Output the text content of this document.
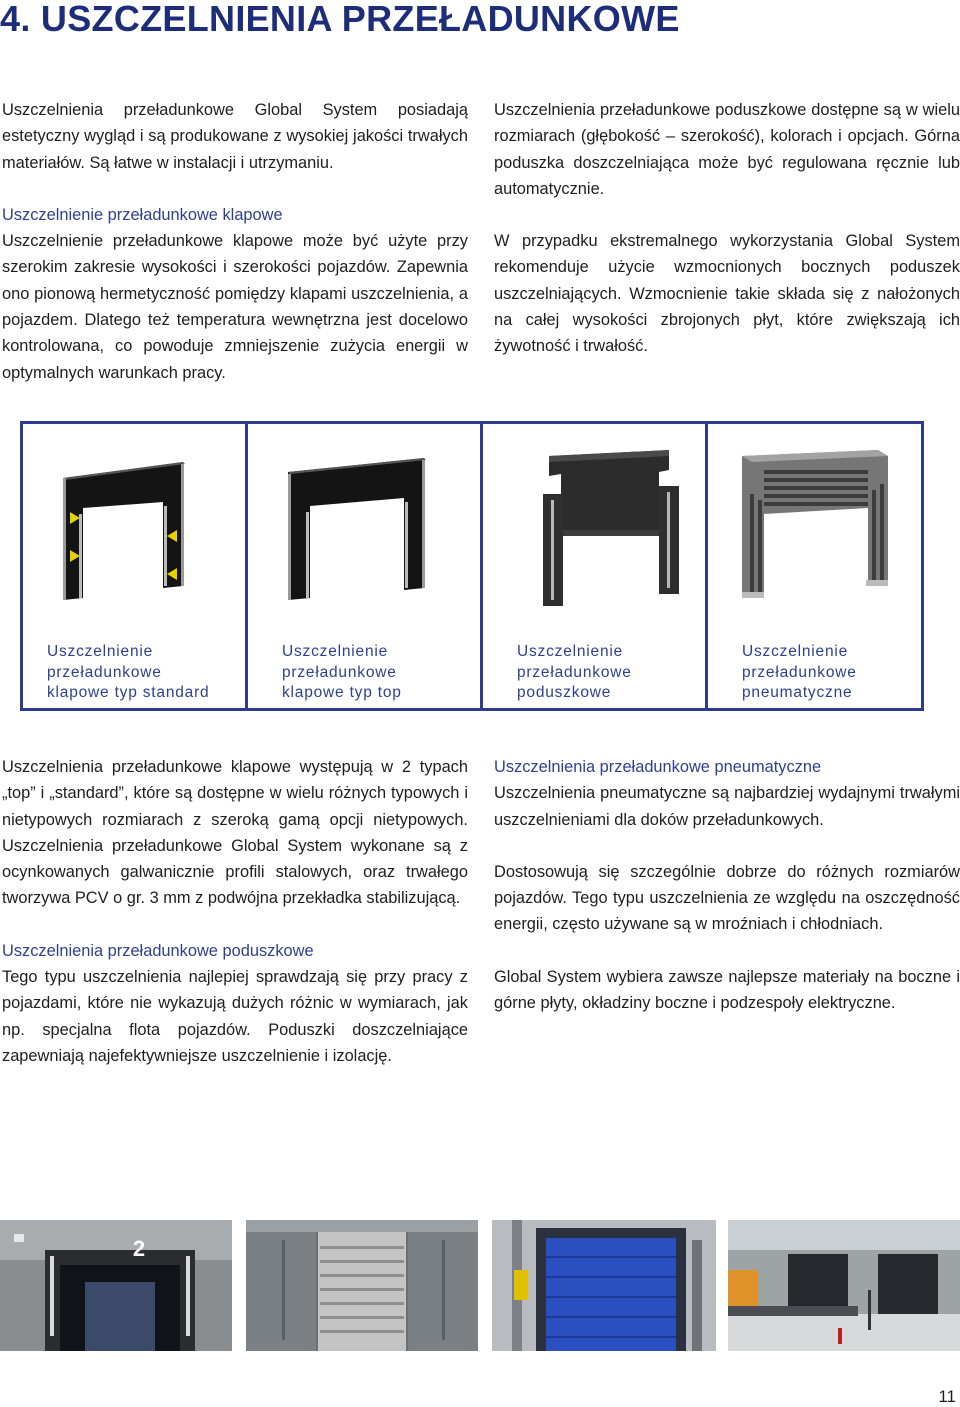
4. USZCZELNIENIA PRZEŁADUNKOWE

Uszczelnienia przeładunkowe Global System posiadają estetyczny wygląd i są produkowane z wysokiej jakości trwałych materiałów. Są łatwe w instalacji i utrzymaniu.

Uszczelnienie przeładunkowe klapowe

Uszczelnienie przeładunkowe klapowe może być użyte przy szerokim zakresie wysokości i szerokości pojazdów. Zapewnia ono pionową hermetyczność pomiędzy klapami uszczelnienia, a pojazdem. Dlatego też temperatura wewnętrzna jest docelowo kontrolowana, co powoduje zmniejszenie zużycia energii w optymalnych warunkach pracy.

Uszczelnienia przeładunkowe poduszkowe dostępne są w wielu rozmiarach (głębokość – szerokość), kolorach i opcjach. Górna poduszka doszczelniająca może być regulowana ręcznie lub automatycznie.

W przypadku ekstremalnego wykorzystania Global System rekomenduje użycie wzmocnionych bocznych poduszek uszczelniających. Wzmocnienie takie składa się z nałożonych na całej wysokości zbrojonych płyt, które zwiększają ich żywotność i trwałość.

Uszczelnienie
przeładunkowe
klapowe typ standard
Uszczelnienie
przeładunkowe
klapowe typ top
Uszczelnienie
przeładunkowe
poduszkowe
Uszczelnienie
przeładunkowe
pneumatyczne

Uszczelnienia przeładunkowe klapowe występują w 2 typach „top” i „standard”, które są dostępne w wielu różnych typowych i nietypowych rozmiarach z szeroką gamą opcji nietypowych. Uszczelnienia przeładunkowe Global System wykonane są z ocynkowanych galwanicznie profili stalowych, oraz trwałego tworzywa PCV o gr. 3 mm z podwójna przekładka stabilizującą.

Uszczelnienia przeładunkowe poduszkowe

Tego typu uszczelnienia najlepiej sprawdzają się przy pracy z pojazdami, które nie wykazują dużych różnic w wymiarach, jak np. specjalna flota pojazdów. Poduszki doszczelniające zapewniają najefektywniejsze uszczelnienie i izolację.

Uszczelnienia przeładunkowe pneumatyczne

Uszczelnienia pneumatyczne są najbardziej wydajnymi trwałymi uszczelnieniami dla doków przeładunkowych.

Dostosowują się szczególnie dobrze do różnych rozmiarów pojazdów. Tego typu uszczelnienia ze względu na oszczędność energii, często używane są w mroźniach i chłodniach.

Global System wybiera zawsze najlepsze materiały na boczne i górne płyty, okładziny boczne i podzespoły elektryczne.

2
11
